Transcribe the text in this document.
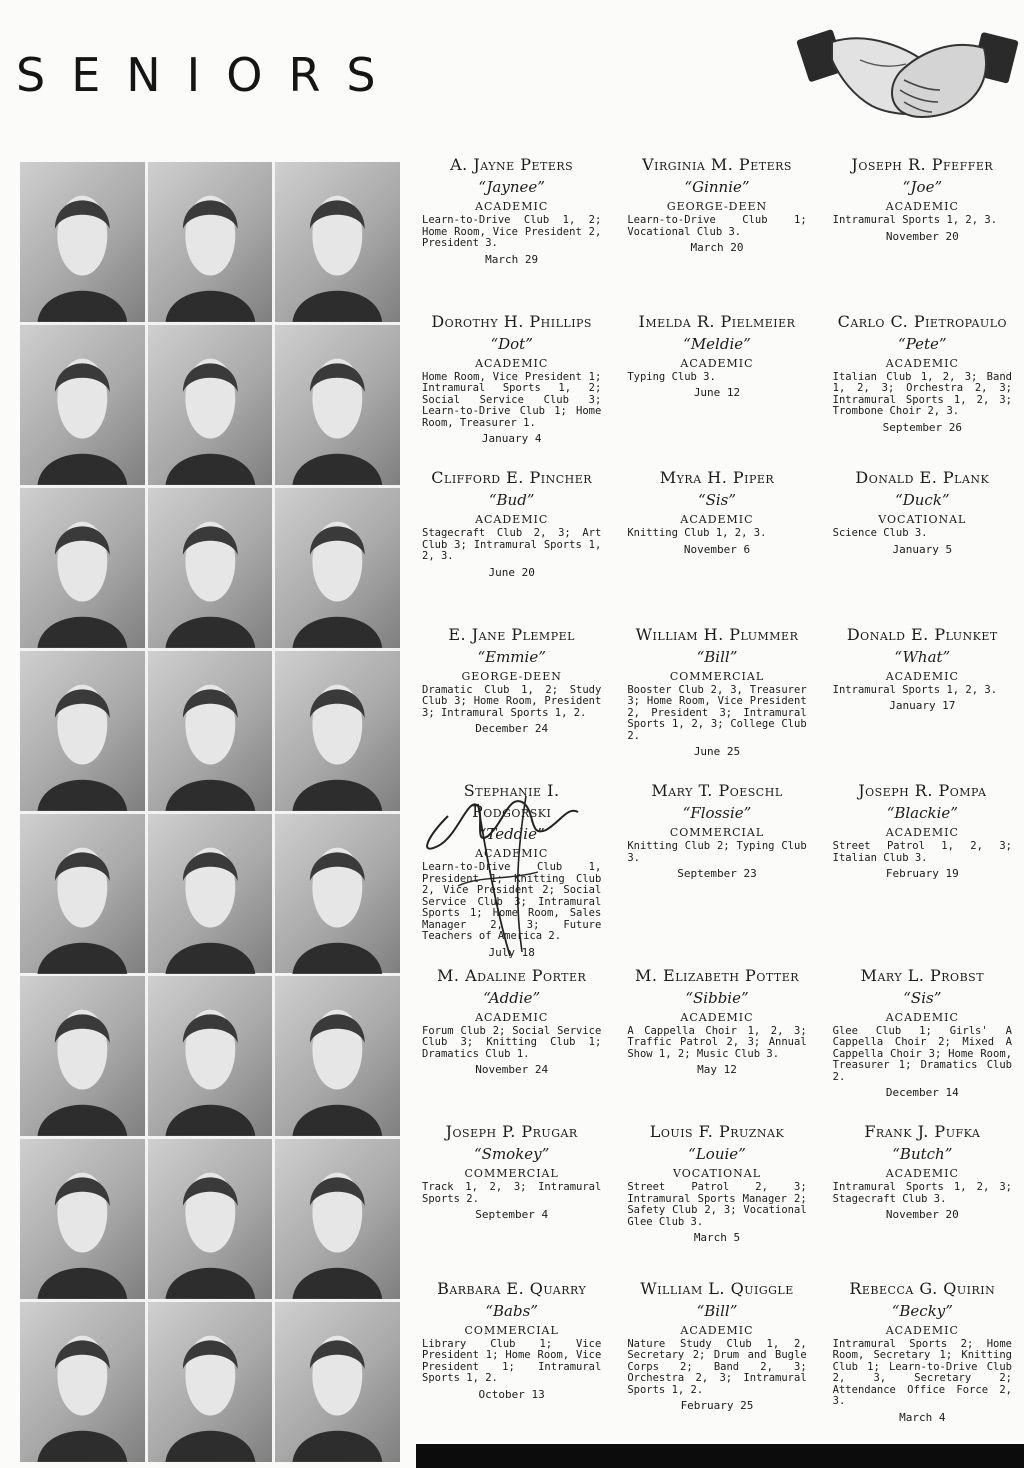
SENIORS

A. Jayne Peters

“Jaynee”

ACADEMIC

Learn-to-Drive Club 1, 2; Home Room, Vice President 2, President 3.

March 29

Virginia M. Peters

“Ginnie”

GEORGE-DEEN

Learn-to-Drive Club 1; Vocational Club 3.

March 20

Joseph R. Pfeffer

“Joe”

ACADEMIC

Intramural Sports 1, 2, 3.

November 20

Dorothy H. Phillips

“Dot”

ACADEMIC

Home Room, Vice President 1; Intramural Sports 1, 2; Social Service Club 3; Learn-to-Drive Club 1; Home Room, Treasurer 1.

January 4

Imelda R. Pielmeier

“Meldie”

ACADEMIC

Typing Club 3.

June 12

Carlo C. Pietropaulo

“Pete”

ACADEMIC

Italian Club 1, 2, 3; Band 1, 2, 3; Orchestra 2, 3; Intramural Sports 1, 2, 3; Trombone Choir 2, 3.

September 26

Clifford E. Pincher

“Bud”

ACADEMIC

Stagecraft Club 2, 3; Art Club 3; Intramural Sports 1, 2, 3.

June 20

Myra H. Piper

“Sis”

ACADEMIC

Knitting Club 1, 2, 3.

November 6

Donald E. Plank

“Duck”

VOCATIONAL

Science Club 3.

January 5

E. Jane Plempel

“Emmie”

GEORGE-DEEN

Dramatic Club 1, 2; Study Club 3; Home Room, President 3; Intramural Sports 1, 2.

December 24

William H. Plummer

“Bill”

COMMERCIAL

Booster Club 2, 3, Treasurer 3; Home Room, Vice President 2, President 3; Intramural Sports 1, 2, 3; College Club 2.

June 25

Donald E. Plunket

“What”

ACADEMIC

Intramural Sports 1, 2, 3.

January 17

Stephanie I. Podgorski

“Teddie”

ACADEMIC

Learn-to-Drive Club 1, President 1; Knitting Club 2, Vice President 2; Social Service Club 3; Intramural Sports 1; Home Room, Sales Manager 2, 3; Future Teachers of America 2.

July 18

Mary T. Poeschl

“Flossie”

COMMERCIAL

Knitting Club 2; Typing Club 3.

September 23

Joseph R. Pompa

“Blackie”

ACADEMIC

Street Patrol 1, 2, 3; Italian Club 3.

February 19

M. Adaline Porter

“Addie”

ACADEMIC

Forum Club 2; Social Service Club 3; Knitting Club 1; Dramatics Club 1.

November 24

M. Elizabeth Potter

“Sibbie”

ACADEMIC

A Cappella Choir 1, 2, 3; Traffic Patrol 2, 3; Annual Show 1, 2; Music Club 3.

May 12

Mary L. Probst

“Sis”

ACADEMIC

Glee Club 1; Girls' A Cappella Choir 2; Mixed A Cappella Choir 3; Home Room, Treasurer 1; Dramatics Club 2.

December 14

Joseph P. Prugar

“Smokey”

COMMERCIAL

Track 1, 2, 3; Intramural Sports 2.

September 4

Louis F. Pruznak

“Louie”

VOCATIONAL

Street Patrol 2, 3; Intramural Sports Manager 2; Safety Club 2, 3; Vocational Glee Club 3.

March 5

Frank J. Pufka

“Butch”

ACADEMIC

Intramural Sports 1, 2, 3; Stagecraft Club 3.

November 20

Barbara E. Quarry

“Babs”

COMMERCIAL

Library Club 1; Vice President 1; Home Room, Vice President 1; Intramural Sports 1, 2.

October 13

William L. Quiggle

“Bill”

ACADEMIC

Nature Study Club 1, 2, Secretary 2; Drum and Bugle Corps 2; Band 2, 3; Orchestra 2, 3; Intramural Sports 1, 2.

February 25

Rebecca G. Quirin

“Becky”

ACADEMIC

Intramural Sports 2; Home Room, Secretary 1; Knitting Club 1; Learn-to-Drive Club 2, 3, Secretary 2; Attendance Office Force 2, 3.

March 4
